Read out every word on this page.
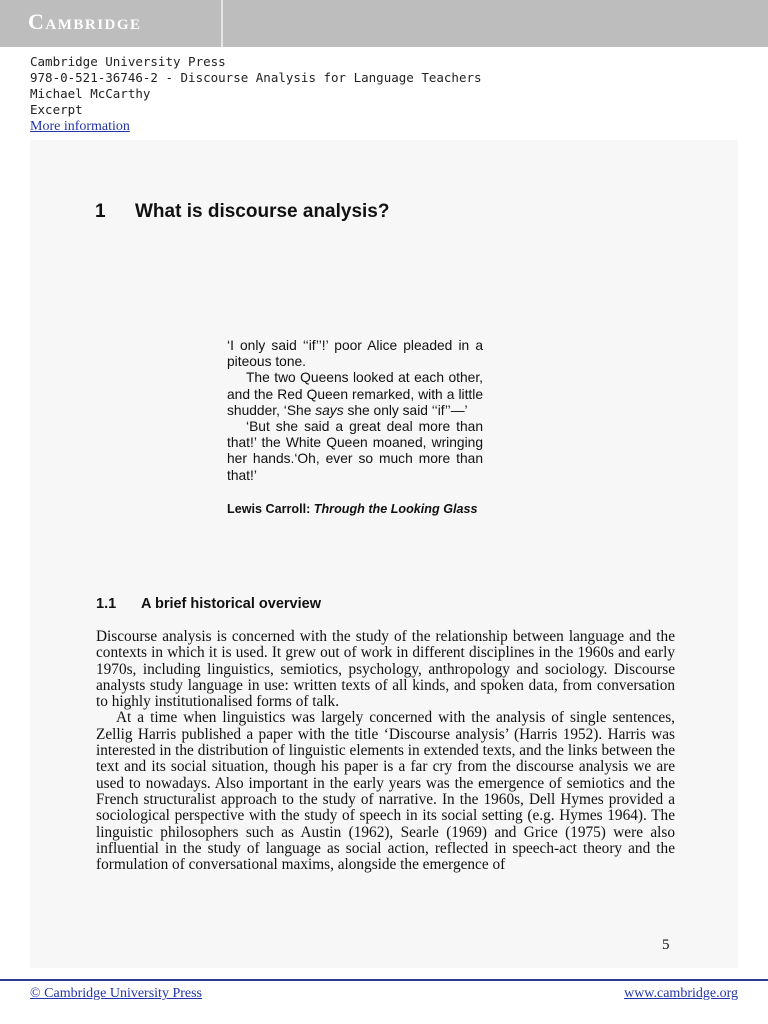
Cambridge
Cambridge University Press
978-0-521-36746-2 - Discourse Analysis for Language Teachers
Michael McCarthy
Excerpt
More information
1 What is discourse analysis?

‘I only said ‘‘if’’!’ poor Alice pleaded in a piteous tone.

The two Queens looked at each other, and the Red Queen remarked, with a little shudder, ‘She says she only said ‘‘if’’—’

‘But she said a great deal more than that!’ the White Queen moaned, wringing her hands.‘Oh, ever so much more than that!’

Lewis Carroll: Through the Looking Glass

1.1 A brief historical overview

Discourse analysis is concerned with the study of the relationship between language and the contexts in which it is used. It grew out of work in different disciplines in the 1960s and early 1970s, including linguistics, semiotics, psychology, anthropology and sociology. Discourse analysts study language in use: written texts of all kinds, and spoken data, from conversation to highly institutionalised forms of talk.

At a time when linguistics was largely concerned with the analysis of single sentences, Zellig Harris published a paper with the title ‘Discourse analysis’ (Harris 1952). Harris was interested in the distribution of linguistic elements in extended texts, and the links between the text and its social situation, though his paper is a far cry from the discourse analysis we are used to nowadays. Also important in the early years was the emergence of semiotics and the French structuralist approach to the study of narrative. In the 1960s, Dell Hymes provided a sociological perspective with the study of speech in its social setting (e.g. Hymes 1964). The linguistic philosophers such as Austin (1962), Searle (1969) and Grice (1975) were also influential in the study of language as social action, reflected in speech-act theory and the formulation of conversational maxims, alongside the emergence of

5
© Cambridge University Press	www.cambridge.org
